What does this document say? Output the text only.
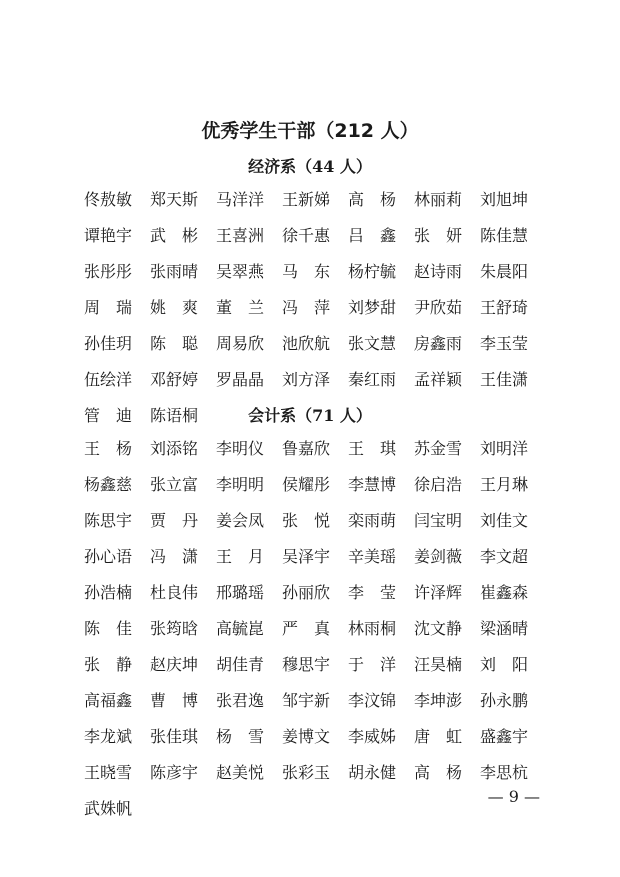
优秀学生干部（212 人）
经济系（44 人）
佟敖敏	郑天斯	马洋洋	王新娣	高　杨	林丽莉	刘旭坤
谭艳宇	武　彬	王喜洲	徐千惠	吕　鑫	张　妍	陈佳慧
张彤彤	张雨晴	吴翠燕	马　东	杨柠毓	赵诗雨	朱晨阳
周　瑞	姚　爽	董　兰	冯　萍	刘梦甜	尹欣茹	王舒琦
孙佳玥	陈　聪	周易欣	池欣航	张文慧	房鑫雨	李玉莹
伍绘洋	邓舒婷	罗晶晶	刘方泽	秦红雨	孟祥颖	王佳潇
管　迪	陈语桐	会计系（71 人）
王　杨	刘添铭	李明仪	鲁嘉欣	王　琪	苏金雪	刘明洋
杨鑫慈	张立富	李明明	侯耀彤	李慧博	徐启浩	王月琳
陈思宇	贾　丹	姜会凤	张　悦	栾雨萌	闫宝明	刘佳文
孙心语	冯　潇	王　月	吴泽宇	辛美瑶	姜剑薇	李文超
孙浩楠	杜良伟	邢璐瑶	孙丽欣	李　莹	许泽辉	崔鑫森
陈　佳	张筠晗	高毓崑	严　真	林雨桐	沈文静	梁涵晴
张　静	赵庆坤	胡佳青	穆思宇	于　洋	汪昊楠	刘　阳
高福鑫	曹　博	张君逸	邹宇新	李汶锦	李坤澎	孙永鹏
李龙斌	张佳琪	杨　雪	姜博文	李威姊	唐　虹	盛鑫宇
王晓雪	陈彦宇	赵美悦	张彩玉	胡永健	高　杨	李思杭
武姝帆
— 9 —
